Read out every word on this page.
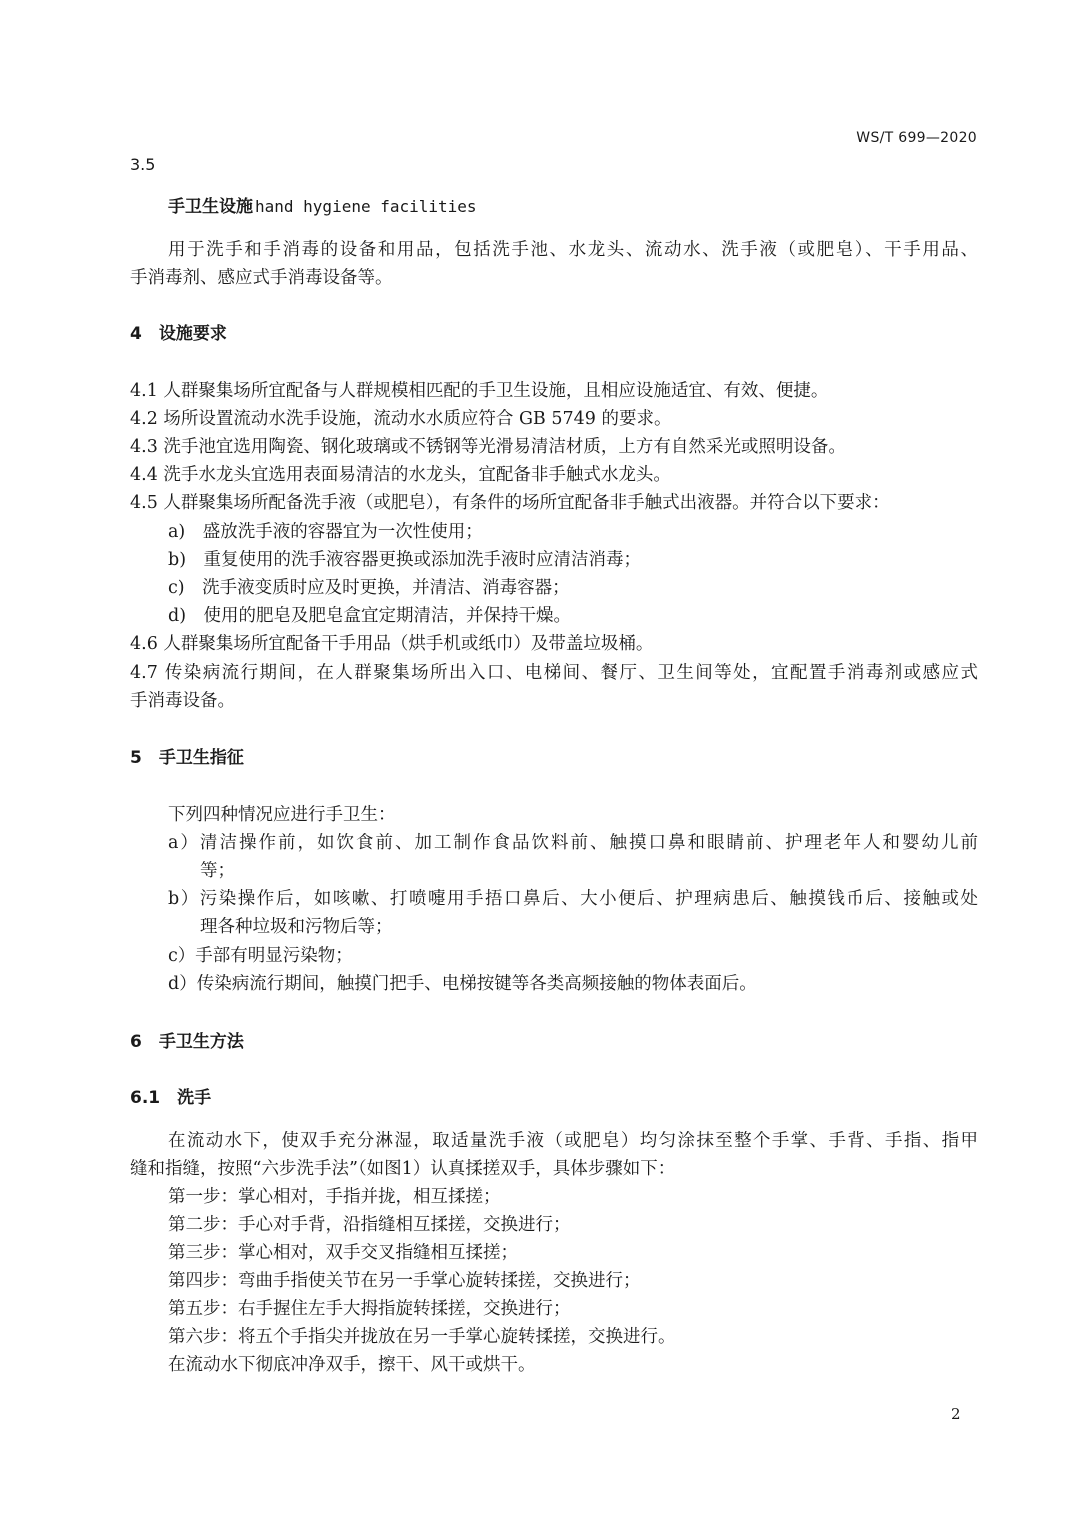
WS/T 699—2020
3.5
手卫生设施 hand hygiene facilities
用于洗手和手消毒的设备和用品，包括洗手池、水龙头、流动水、洗手液（或肥皂）、干手用品、
手消毒剂、感应式手消毒设备等。
4　设施要求
4.1 人群聚集场所宜配备与人群规模相匹配的手卫生设施，且相应设施适宜、有效、便捷。
4.2 场所设置流动水洗手设施，流动水水质应符合 GB 5749 的要求。
4.3 洗手池宜选用陶瓷、钢化玻璃或不锈钢等光滑易清洁材质，上方有自然采光或照明设备。
4.4 洗手水龙头宜选用表面易清洁的水龙头，宜配备非手触式水龙头。
4.5 人群聚集场所配备洗手液（或肥皂），有条件的场所宜配备非手触式出液器。并符合以下要求：
a)　盛放洗手液的容器宜为一次性使用；
b)　重复使用的洗手液容器更换或添加洗手液时应清洁消毒；
c)　洗手液变质时应及时更换，并清洁、消毒容器；
d)　使用的肥皂及肥皂盒宜定期清洁，并保持干燥。
4.6 人群聚集场所宜配备干手用品（烘手机或纸巾）及带盖垃圾桶。
4.7 传染病流行期间，在人群聚集场所出入口、电梯间、餐厅、卫生间等处，宜配置手消毒剂或感应式
手消毒设备。
5　手卫生指征
下列四种情况应进行手卫生：
a）清洁操作前，如饮食前、加工制作食品饮料前、触摸口鼻和眼睛前、护理老年人和婴幼儿前
等；
b）污染操作后，如咳嗽、打喷嚏用手捂口鼻后、大小便后、护理病患后、触摸钱币后、接触或处
理各种垃圾和污物后等；
c）手部有明显污染物；
d）传染病流行期间，触摸门把手、电梯按键等各类高频接触的物体表面后。
6　手卫生方法
6.1　洗手
在流动水下，使双手充分淋湿，取适量洗手液（或肥皂）均匀涂抹至整个手掌、手背、手指、指甲
缝和指缝，按照“六步洗手法”（如图1）认真揉搓双手，具体步骤如下：
第一步：掌心相对，手指并拢，相互揉搓；
第二步：手心对手背，沿指缝相互揉搓，交换进行；
第三步：掌心相对，双手交叉指缝相互揉搓；
第四步：弯曲手指使关节在另一手掌心旋转揉搓，交换进行；
第五步：右手握住左手大拇指旋转揉搓，交换进行；
第六步：将五个手指尖并拢放在另一手掌心旋转揉搓，交换进行。
在流动水下彻底冲净双手，擦干、风干或烘干。
2
